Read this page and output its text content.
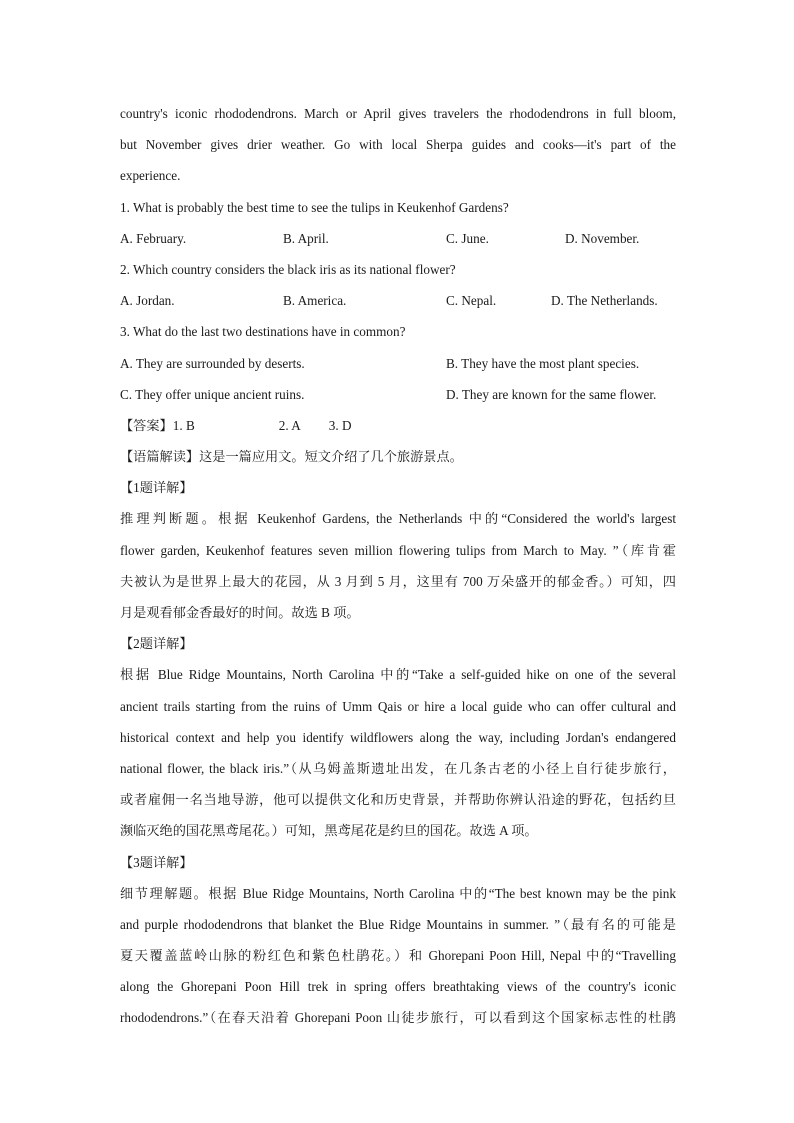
country's iconic rhododendrons. March or April gives travelers the rhododendrons in full bloom,
but November gives drier weather. Go with local Sherpa guides and cooks—it's part of the
experience.
1. What is probably the best time to see the tulips in Keukenhof Gardens?
A. February.	B. April.	C. June.	D. November.
2. Which country considers the black iris as its national flower?
A. Jordan.	B. America.	C. Nepal.	D. The Netherlands.
3. What do the last two destinations have in common?
A. They are surrounded by deserts.	B. They have the most plant species.
C. They offer unique ancient ruins.	D. They are known for the same flower.
【答案】1. B	2. A 3. D
【语篇解读】这是一篇应用文。短文介绍了几个旅游景点。
【1题详解】
推理判断题。根据 Keukenhof Gardens, the Netherlands 中的“Considered the world's largest
flower garden, Keukenhof features seven million flowering tulips from March to May. ”（库肯霍
夫被认为是世界上最大的花园，从 3 月到 5 月，这里有 700 万朵盛开的郁金香。）可知，四
月是观看郁金香最好的时间。故选 B 项。
【2题详解】
根据 Blue Ridge Mountains, North Carolina 中的“Take a self-guided hike on one of the several
ancient trails starting from the ruins of Umm Qais or hire a local guide who can offer cultural and
historical context and help you identify wildflowers along the way, including Jordan's endangered
national flower, the black iris.”（从乌姆盖斯遗址出发，在几条古老的小径上自行徒步旅行，
或者雇佣一名当地导游，他可以提供文化和历史背景，并帮助你辨认沿途的野花，包括约旦
濒临灭绝的国花黑鸢尾花。）可知，黑鸢尾花是约旦的国花。故选 A 项。
【3题详解】
细节理解题。根据 Blue Ridge Mountains, North Carolina 中的“The best known may be the pink
and purple rhododendrons that blanket the Blue Ridge Mountains in summer. ”（最有名的可能是
夏天覆盖蓝岭山脉的粉红色和紫色杜鹃花。）和 Ghorepani Poon Hill, Nepal 中的“Travelling
along the Ghorepani Poon Hill trek in spring offers breathtaking views of the country's iconic
rhododendrons.”（在春天沿着 Ghorepani Poon 山徒步旅行，可以看到这个国家标志性的杜鹃
